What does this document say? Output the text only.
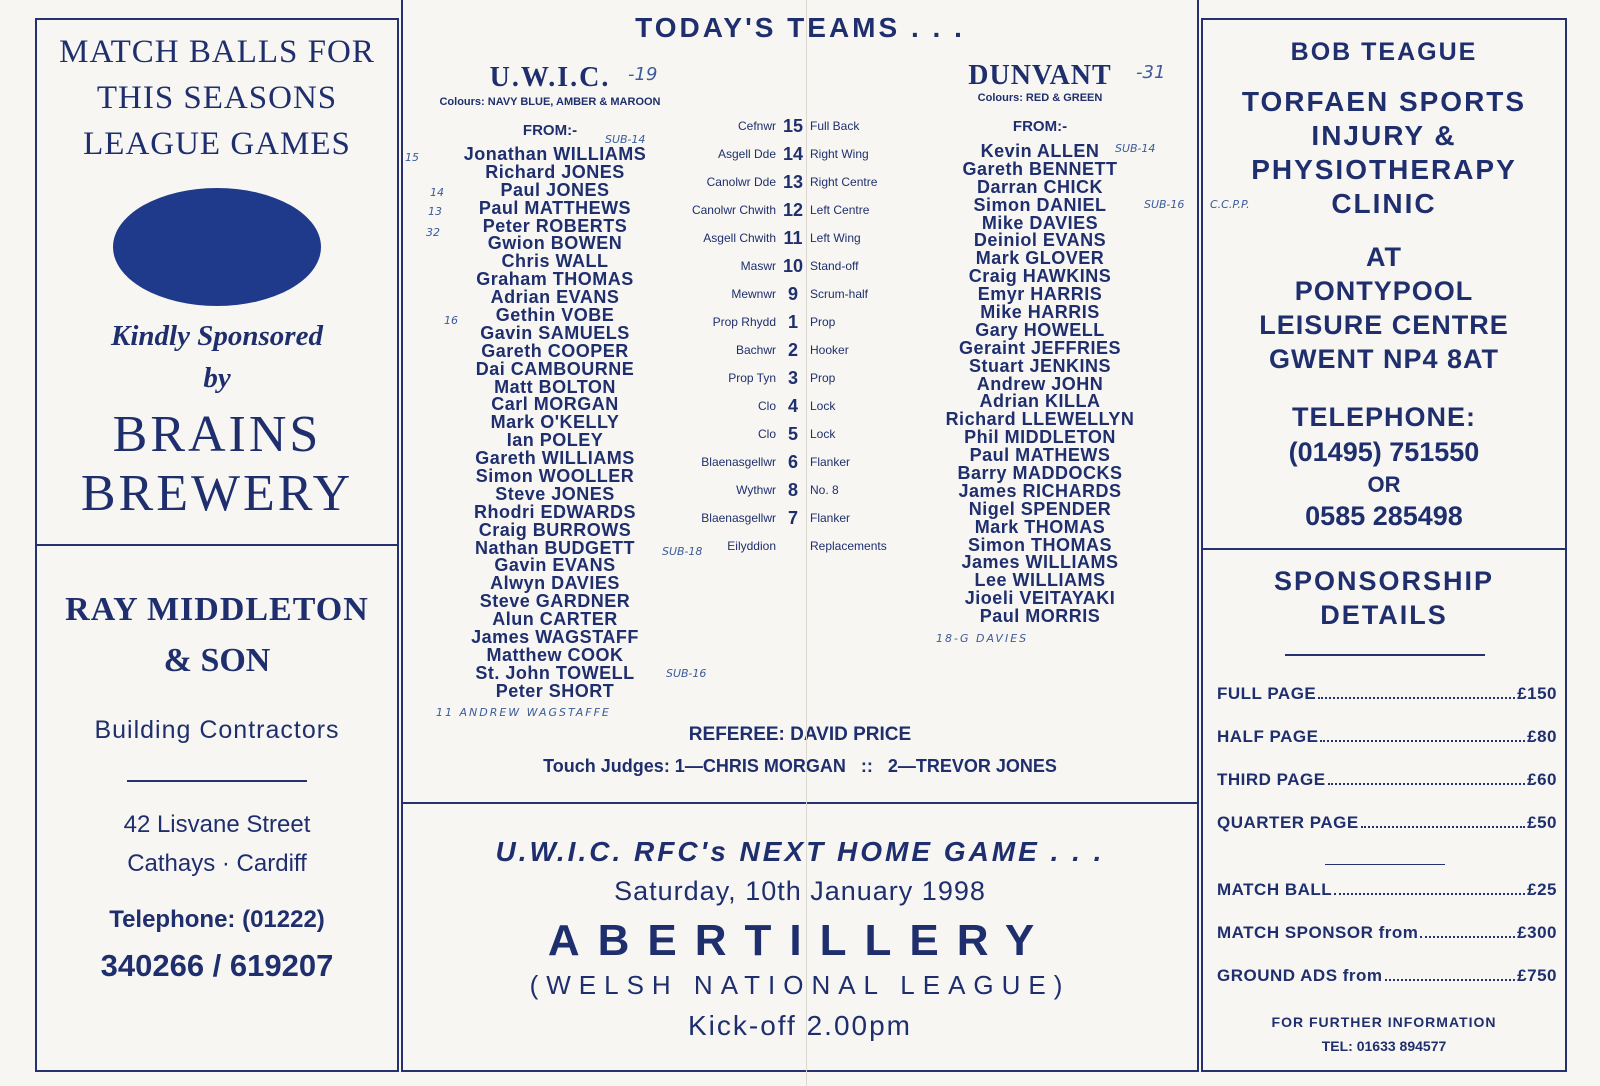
MATCH BALLS FOR
THIS SEASONS
LEAGUE GAMES
Kindly Sponsored
by
BRAINS
BREWERY
RAY MIDDLETON
& SON
Building Contractors
42 Lisvane Street
Cathays · Cardiff
Telephone: (01222)
340266 / 619207
TODAY'S TEAMS . . .
U.W.I.C.
Colours: NAVY BLUE, AMBER & MAROON
FROM:-
Jonathan WILLIAMS
Richard JONES
Paul JONES
Paul MATTHEWS
Peter ROBERTS
Gwion BOWEN
Chris WALL
Graham THOMAS
Adrian EVANS
Gethin VOBE
Gavin SAMUELS
Gareth COOPER
Dai CAMBOURNE
Matt BOLTON
Carl MORGAN
Mark O'KELLY
Ian POLEY
Gareth WILLIAMS
Simon WOOLLER
Steve JONES
Rhodri EDWARDS
Craig BURROWS
Nathan BUDGETT
Gavin EVANS
Alwyn DAVIES
Steve GARDNER
Alun CARTER
James WAGSTAFF
Matthew COOK
St. John TOWELL
Peter SHORT
DUNVANT
Colours: RED & GREEN
FROM:-
Kevin ALLEN
Gareth BENNETT
Darran CHICK
Simon DANIEL
Mike DAVIES
Deiniol EVANS
Mark GLOVER
Craig HAWKINS
Emyr HARRIS
Mike HARRIS
Gary HOWELL
Geraint JEFFRIES
Stuart JENKINS
Andrew JOHN
Adrian KILLA
Richard LLEWELLYN
Phil MIDDLETON
Paul MATHEWS
Barry MADDOCKS
James RICHARDS
Nigel SPENDER
Mark THOMAS
Simon THOMAS
James WILLIAMS
Lee WILLIAMS
Jioeli VEITAYAKI
Paul MORRIS
Cefnwr 15 Full Back
Asgell Dde 14 Right Wing
Canolwr Dde 13 Right Centre
Canolwr Chwith 12 Left Centre
Asgell Chwith 11 Left Wing
Maswr 10 Stand-off
Mewnwr 9	Scrum-half
Prop Rhydd 1	Prop
Bachwr 2	Hooker
Prop Tyn 3	Prop
Clo 4	Lock
Clo 5	Lock
Blaenasgellwr 6	Flanker
Wythwr 8	No. 8
Blaenasgellwr 7	Flanker
Eilyddion	Replacements
REFEREE: DAVID PRICE
Touch Judges: 1—CHRIS MORGAN   ::   2—TREVOR JONES
U.W.I.C. RFC's NEXT HOME GAME . . .
Saturday, 10th January 1998
ABERTILLERY
(WELSH NATIONAL LEAGUE)
Kick-off 2.00pm
BOB TEAGUE
TORFAEN SPORTS
INJURY &
PHYSIOTHERAPY
CLINIC
AT
PONTYPOOL
LEISURE CENTRE
GWENT NP4 8AT
TELEPHONE:
(01495) 751550
OR
0585 285498
SPONSORSHIP
DETAILS
FOR FURTHER INFORMATION
TEL: 01633 894577
FULL PAGE	£150
HALF PAGE	£80
THIRD PAGE	£60
QUARTER PAGE	£50
MATCH BALL	£25
MATCH SPONSOR from	£300
GROUND ADS from	£750
-19	-31
SUB-14
15
14
13
32
16
SUB-18
SUB-16
11 ANDREW WAGSTAFFE
SUB-14
SUB-16 C.C.P.P.
18-G DAVIES
